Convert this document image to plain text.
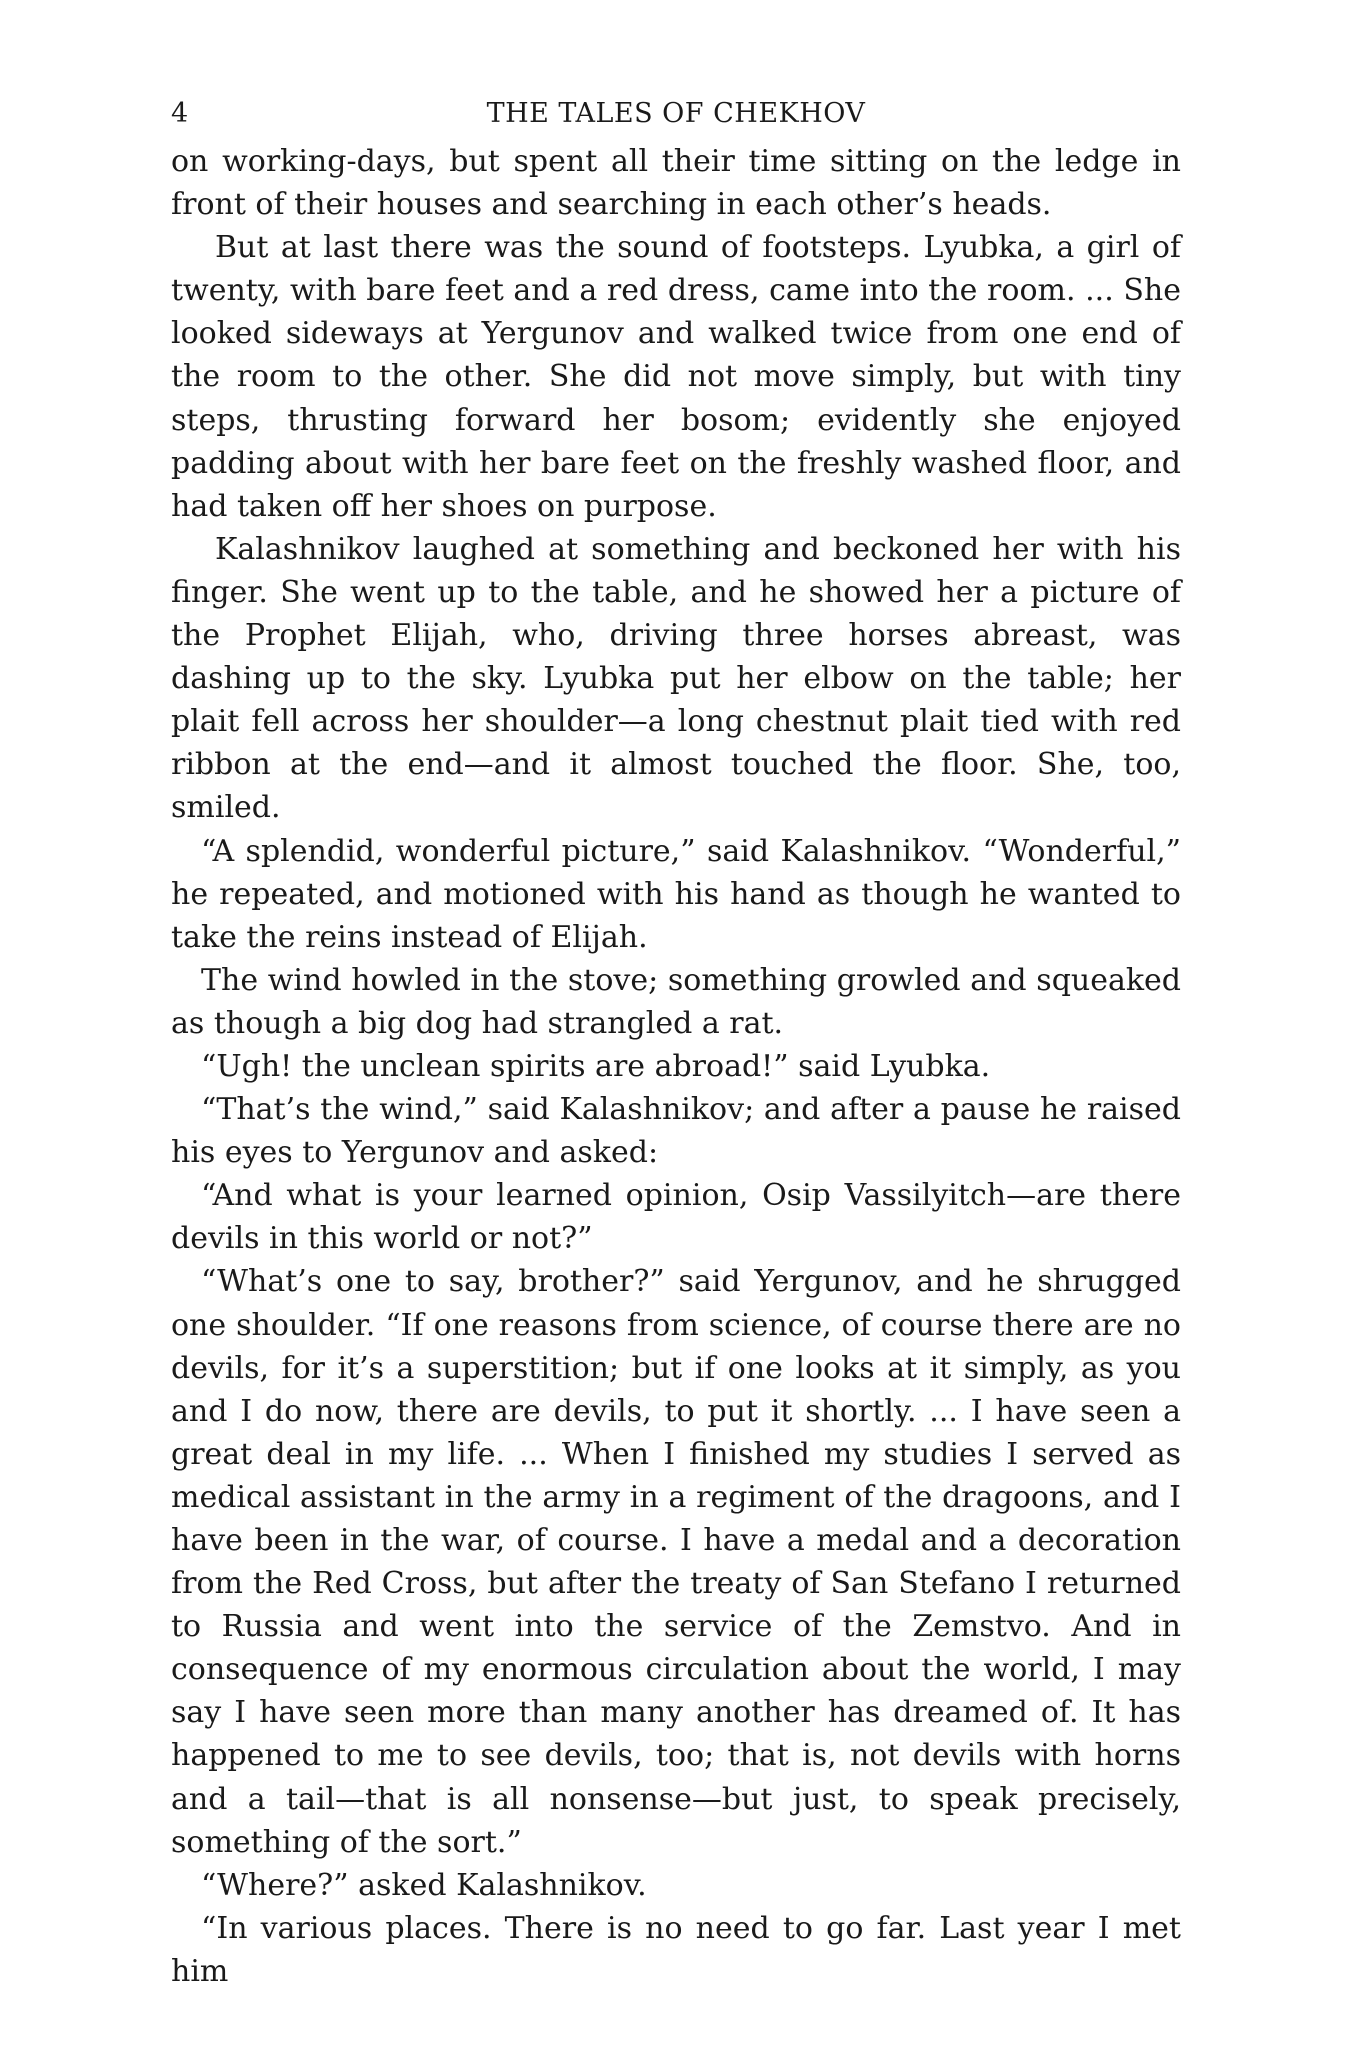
4	THE TALES OF CHEKHOV

on working-days, but spent all their time sitting on the ledge in front of their houses and searching in each other’s heads.

But at last there was the sound of footsteps. Lyubka, a girl of twenty, with bare feet and a red dress, came into the room. ... She looked sideways at Yergunov and walked twice from one end of the room to the other. She did not move simply, but with tiny steps, thrusting forward her bosom; evidently she enjoyed padding about with her bare feet on the freshly washed floor, and had taken off her shoes on purpose.

Kalashnikov laughed at something and beckoned her with his finger. She went up to the table, and he showed her a picture of the Prophet Elijah, who, driving three horses abreast, was dashing up to the sky. Lyubka put her elbow on the table; her plait fell across her shoulder—a long chestnut plait tied with red ribbon at the end—and it almost touched the floor. She, too, smiled.

“A splendid, wonderful picture,” said Kalashnikov. “Wonderful,” he repeated, and motioned with his hand as though he wanted to take the reins instead of Elijah.

The wind howled in the stove; something growled and squeaked as though a big dog had strangled a rat.

“Ugh! the unclean spirits are abroad!” said Lyubka.

“That’s the wind,” said Kalashnikov; and after a pause he raised his eyes to Yergunov and asked:

“And what is your learned opinion, Osip Vassilyitch—are there devils in this world or not?”

“What’s one to say, brother?” said Yergunov, and he shrugged one shoulder. “If one reasons from science, of course there are no devils, for it’s a superstition; but if one looks at it simply, as you and I do now, there are devils, to put it shortly. ... I have seen a great deal in my life. ... When I finished my studies I served as medical assistant in the army in a regiment of the dragoons, and I have been in the war, of course. I have a medal and a decoration from the Red Cross, but after the treaty of San Stefano I returned to Russia and went into the service of the Zemstvo. And in consequence of my enormous circulation about the world, I may say I have seen more than many another has dreamed of. It has happened to me to see devils, too; that is, not devils with horns and a tail—that is all nonsense—but just, to speak precisely, something of the sort.”

“Where?” asked Kalashnikov.

“In various places. There is no need to go far. Last year I met him
